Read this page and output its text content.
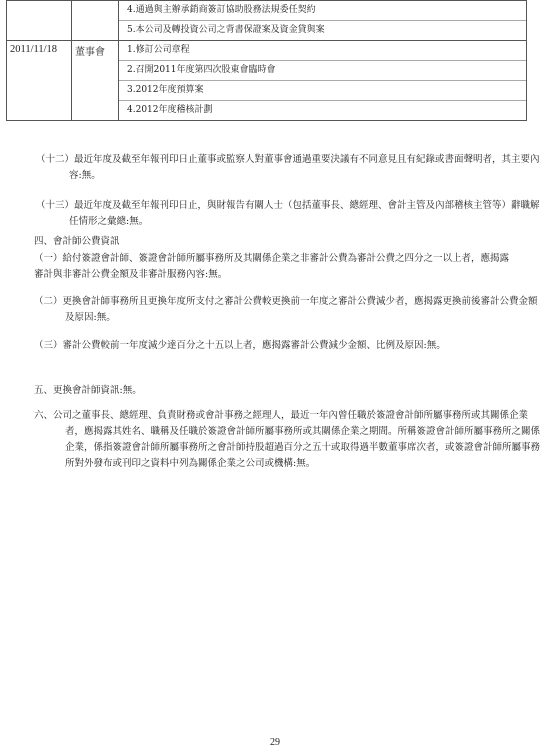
		4.通過與主辦承銷商簽訂協助股務法規委任契約
5.本公司及轉投資公司之背書保證案及資金貸與案

2011/11/18	董事會	1.修訂公司章程
2.召開2011年度第四次股東會臨時會
3.2012年度預算案
4.2012年度稽核計劃
（十二）最近年度及截至年報刊印日止董事或監察人對董事會通過重要決議有不同意見且有紀錄或書面聲明者，其主要內容:無。
（十三）最近年度及截至年報刊印日止，與財報告有關人士（包括董事長、總經理、會計主管及內部稽核主管等）辭職解任情形之彙總:無。
四、會計師公費資訊
（一）給付簽證會計師、簽證會計師所屬事務所及其關係企業之非審計公費為審計公費之四分之一以上者，應揭露審計與非審計公費金額及非審計服務內容:無。
（二）更換會計師事務所且更換年度所支付之審計公費較更換前一年度之審計公費減少者，應揭露更換前後審計公費金額及原因:無。
（三）審計公費較前一年度減少達百分之十五以上者，應揭露審計公費減少金額、比例及原因:無。
五、更換會計師資訊:無。
六、公司之董事長、總經理、負責財務或會計事務之經理人，最近一年內曾任職於簽證會計師所屬事務所或其關係企業者，應揭露其姓名、職稱及任職於簽證會計師所屬事務所或其關係企業之期間。所稱簽證會計師所屬事務所之關係企業，係指簽證會計師所屬事務所之會計師持股超過百分之五十或取得過半數董事席次者，或簽證會計師所屬事務所對外發布或刊印之資料中列為關係企業之公司或機構:無。
29
